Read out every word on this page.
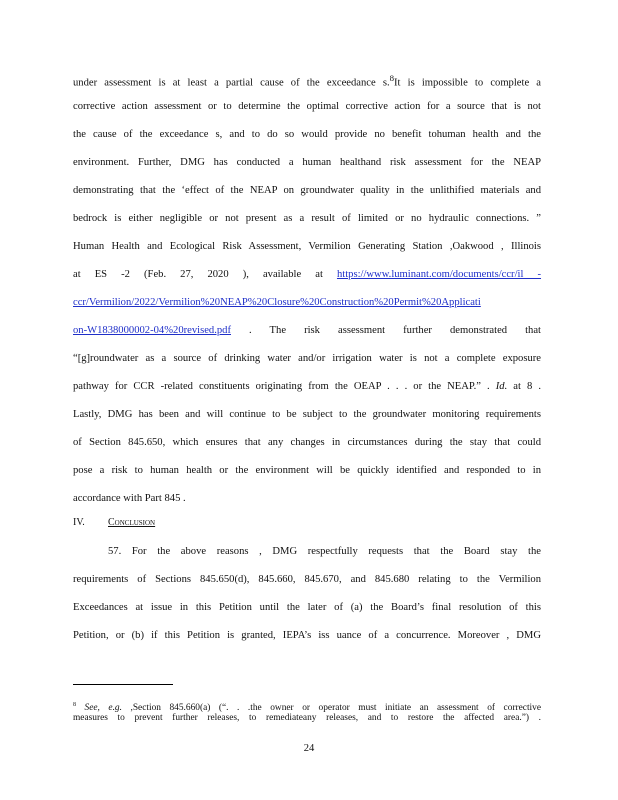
under assessment is at least a partial cause of the exceedance s.$^8$It is impossible to complete a
corrective action assessment or to determine the optimal corrective action for a source that is not
the cause of the exceedance s, and to do so would provide no benefit tohuman health and the
environment. Further, DMG has conducted a human healthand risk assessment for the NEAP
demonstrating that the ‘effect of the NEAP on groundwater quality in the unlithified materials and
bedrock is either negligible or not present as a result of limited or no hydraulic connections. ”
Human Health and Ecological Risk Assessment, Vermilion Generating Station ,Oakwood , Illinois
at ES -2 (Feb. 27, 2020 ), available at https://www.luminant.com/documents/ccr/il -
ccr/Vermilion/2022/Vermilion%20NEAP%20Closure%20Construction%20Permit%20Applicati
on-W1838000002-04%20revised.pdf . The risk assessment further demonstrated that
“[g]roundwater as a source of drinking water and/or irrigation water is not a complete exposure
pathway for CCR -related constituents originating from the OEAP . . . or the NEAP.” . Id. at 8 .
Lastly, DMG has been and will continue to be subject to the groundwater monitoring requirements
of Section 845.650, which ensures that any changes in circumstances during the stay that could
pose a risk to human health or the environment will be quickly identified and responded to in
accordance with Part 845 .
IV. Conclusion
57. For the above reasons , DMG respectfully requests that the Board stay the
requirements of Sections 845.650(d), 845.660, 845.670, and 845.680 relating to the Vermilion
Exceedances at issue in this Petition until the later of (a) the Board’s final resolution of this
Petition, or (b) if this Petition is granted, IEPA’s iss uance of a concurrence. Moreover , DMG
$^8$ See, e.g. ,Section 845.660(a) (“. . .the owner or operator must initiate an assessment of corrective
measures to prevent further releases, to remediateany releases, and to restore the affected area.”) .
24
